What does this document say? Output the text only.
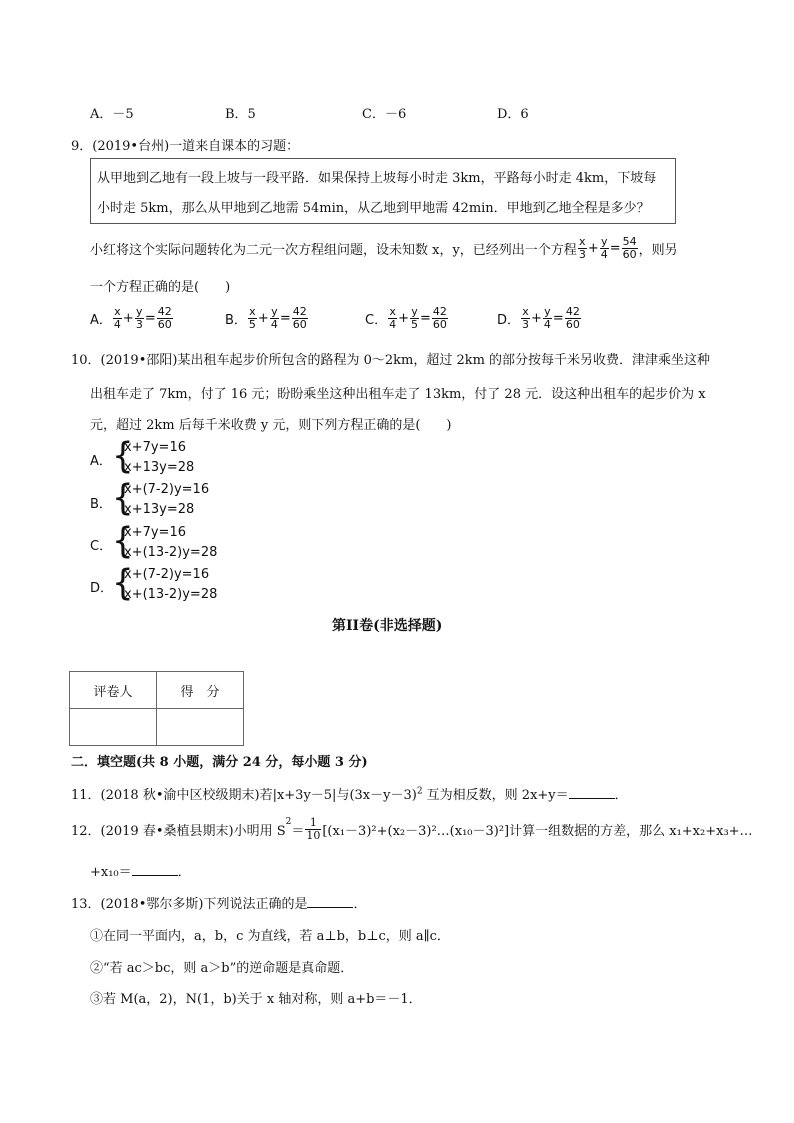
A．－5	B．5	C．－6	D．6
9．(2019•台州)一道来自课本的习题：
从甲地到乙地有一段上坡与一段平路．如果保持上坡每小时走 3km，平路每小时走 4km，下坡每
小时走 5km，那么从甲地到乙地需 54min，从乙地到甲地需 42min．甲地到乙地全程是多少？
小红将这个实际问题转化为二元一次方程组问题，设未知数 x，y，已经列出一个方程 $\frac{x}{3} + \frac{y}{4} = \frac{54}{60}$ ，则另
一个方程正确的是(　　)
A． $\frac{x}{4} + \frac{y}{3} = \frac{42}{60}$	B． $\frac{x}{5} + \frac{y}{4} = \frac{42}{60}$	C． $\frac{x}{4} + \frac{y}{5} = \frac{42}{60}$	D． $\frac{x}{3} + \frac{y}{4} = \frac{42}{60}$
10．(2019•邵阳)某出租车起步价所包含的路程为 0～2km，超过 2km 的部分按每千米另收费．津津乘坐这种
出租车走了 7km，付了 16 元；盼盼乘坐这种出租车走了 13km，付了 28 元．设这种出租车的起步价为 x
元，超过 2km 后每千米收费 y 元，则下列方程正确的是(　　)
A． {
x+7y=16
x+13y=28
B． {
x+(7-2)y=16
x+13y=28
C． {
x+7y=16
x+(13-2)y=28
D．
{
x+(7-2)y=16
x+(13-2)y=28
第II卷(非选择题)
评卷人	得　分

二．填空题(共 8 小题，满分 24 分，每小题 3 分)
11．(2018 秋•渝中区校级期末)若|x+3y－5|与$(3x-y-3)^2$ 互为相反数，则 2x+y＝	．
12．(2019 春•桑植县期末)小明用 S
$^2$
＝ $\frac{1}{10}$ [(x₁－3)²+(x₂－3)²…(x₁₀－3)²]计算一组数据的方差，那么 x₁+x₂+x₃+…
+x₁₀＝	．
13．(2018•鄂尔多斯)下列说法正确的是	．
①在同一平面内，a，b，c 为直线，若 a⊥b，b⊥c，则 a∥c．
②“若 ac＞bc，则 a＞b”的逆命题是真命题．
③若 M(a，2)，N(1，b)关于 x 轴对称，则 a+b＝－1．
